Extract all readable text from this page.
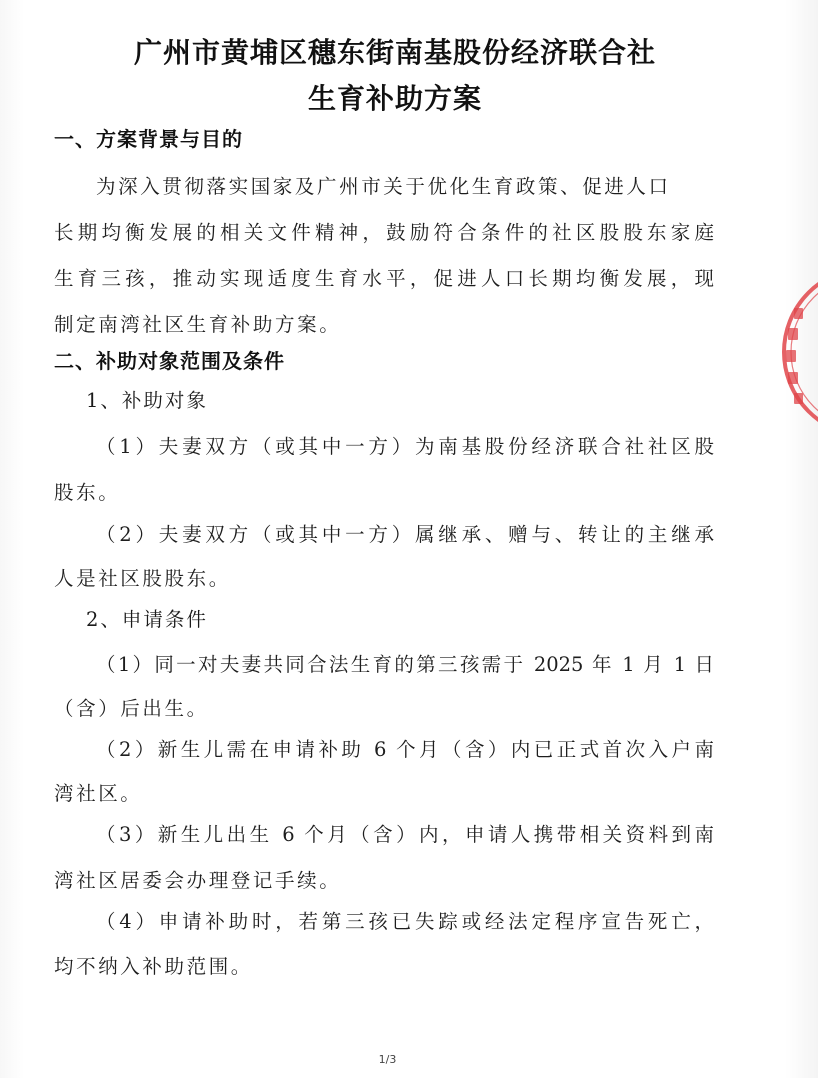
广州市黄埔区穗东街南基股份经济联合社
生育补助方案
一、方案背景与目的
为深入贯彻落实国家及广州市关于优化生育政策、促进人口
长期均衡发展的相关文件精神，鼓励符合条件的社区股股东家庭
生育三孩，推动实现适度生育水平，促进人口长期均衡发展，现
制定南湾社区生育补助方案。
二、补助对象范围及条件
1、补助对象
（1）夫妻双方（或其中一方）为南基股份经济联合社社区股
股东。
（2）夫妻双方（或其中一方）属继承、赠与、转让的主继承
人是社区股股东。
2、申请条件
（1）同一对夫妻共同合法生育的第三孩需于 2025 年 1 月 1 日
（含）后出生。
（2）新生儿需在申请补助 6 个月（含）内已正式首次入户南
湾社区。
（3）新生儿出生 6 个月（含）内，申请人携带相关资料到南
湾社区居委会办理登记手续。
（4）申请补助时，若第三孩已失踪或经法定程序宣告死亡，
均不纳入补助范围。
1/3
